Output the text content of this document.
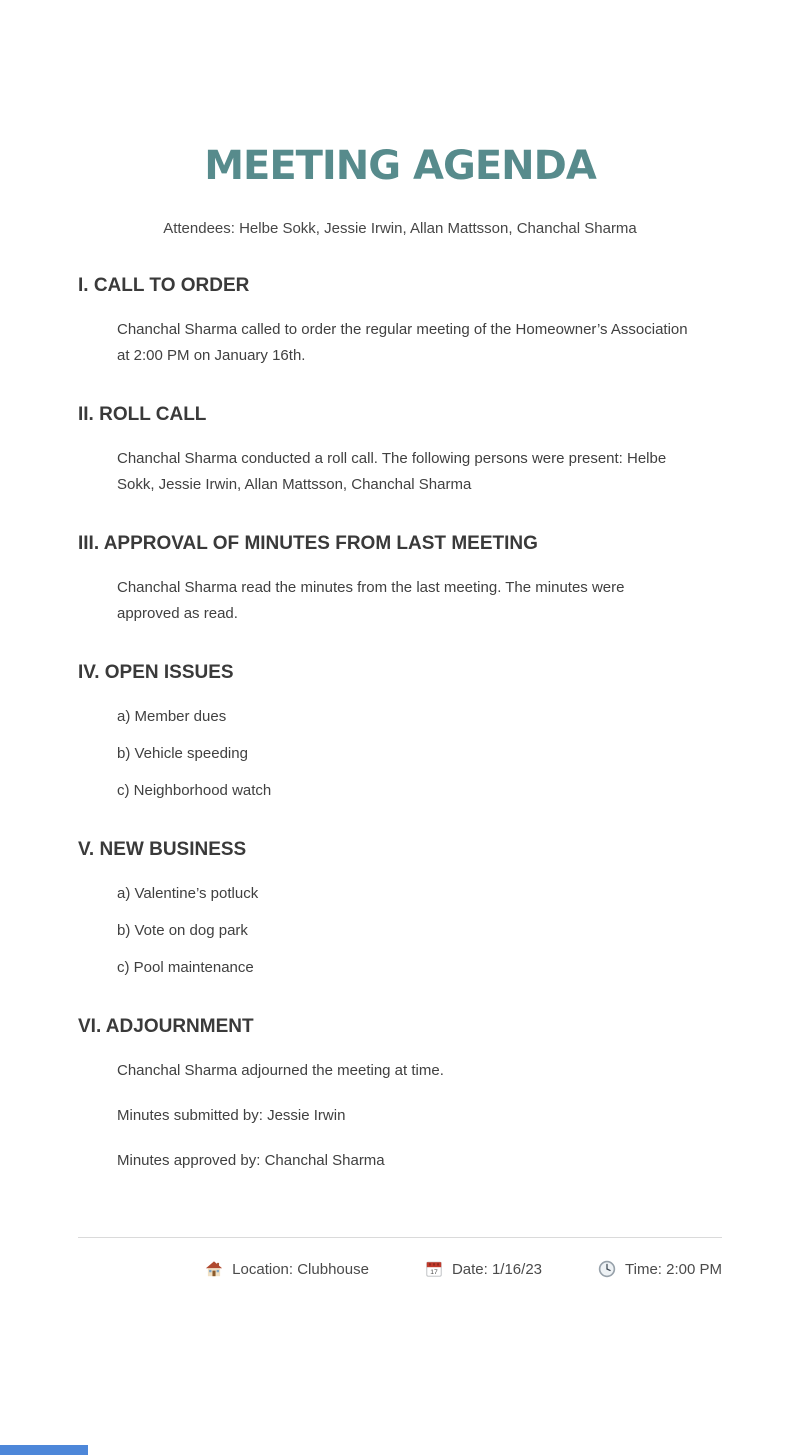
MEETING AGENDA

Attendees: Helbe Sokk, Jessie Irwin, Allan Mattsson, Chanchal Sharma

I. CALL TO ORDER

Chanchal Sharma called to order the regular meeting of the Homeowner’s Association at 2:00 PM on January 16th.

II. ROLL CALL

Chanchal Sharma conducted a roll call. The following persons were present: Helbe Sokk, Jessie Irwin, Allan Mattsson, Chanchal Sharma

III. APPROVAL OF MINUTES FROM LAST MEETING

Chanchal Sharma read the minutes from the last meeting. The minutes were approved as read.

IV. OPEN ISSUES
a) Member dues
b) Vehicle speeding
c) Neighborhood watch
V. NEW BUSINESS
a) Valentine’s potluck
b) Vote on dog park
c) Pool maintenance
VI. ADJOURNMENT

Chanchal Sharma adjourned the meeting at time.

Minutes submitted by: Jessie Irwin

Minutes approved by: Chanchal Sharma

Location: Clubhouse	17 Date: 1/16/23	Time: 2:00 PM
